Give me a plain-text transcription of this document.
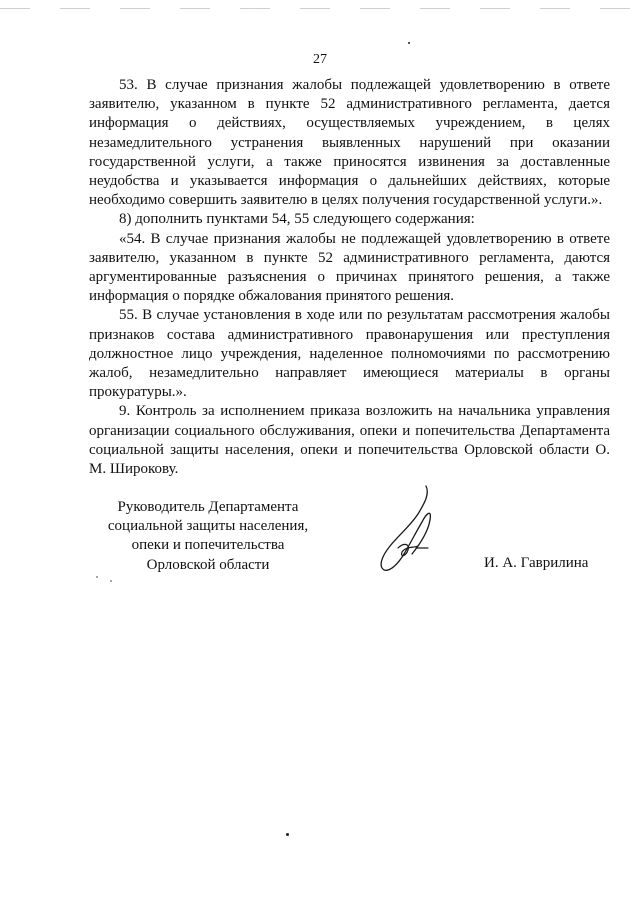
27

53. В случае признания жалобы подлежащей удовлетворению в ответе заявителю, указанном в пункте 52 административного регламента, дается информация о действиях, осуществляемых учреждением, в целях незамедлительного устранения выявленных нарушений при оказании государственной услуги, а также приносятся извинения за доставленные неудобства и указывается информация о дальнейших действиях, которые необходимо совершить заявителю в целях получения государственной услуги.».

8) дополнить пунктами 54, 55 следующего содержания:

«54. В случае признания жалобы не подлежащей удовлетворению в ответе заявителю, указанном в пункте 52 административного регламента, даются аргументированные разъяснения о причинах принятого решения, а также информация о порядке обжалования принятого решения.

55. В случае установления в ходе или по результатам рассмотрения жалобы признаков состава административного правонарушения или преступления должностное лицо учреждения, наделенное полномочиями по рассмотрению жалоб, незамедлительно направляет имеющиеся материалы в органы прокуратуры.».

9. Контроль за исполнением приказа возложить на начальника управления организации социального обслуживания, опеки и попечительства Департамента социальной защиты населения, опеки и попечительства Орловской области О. М. Широкову.

Руководитель Департамента
социальной защиты населения,
опеки и попечительства
Орловской области	И. А. Гаврилина
